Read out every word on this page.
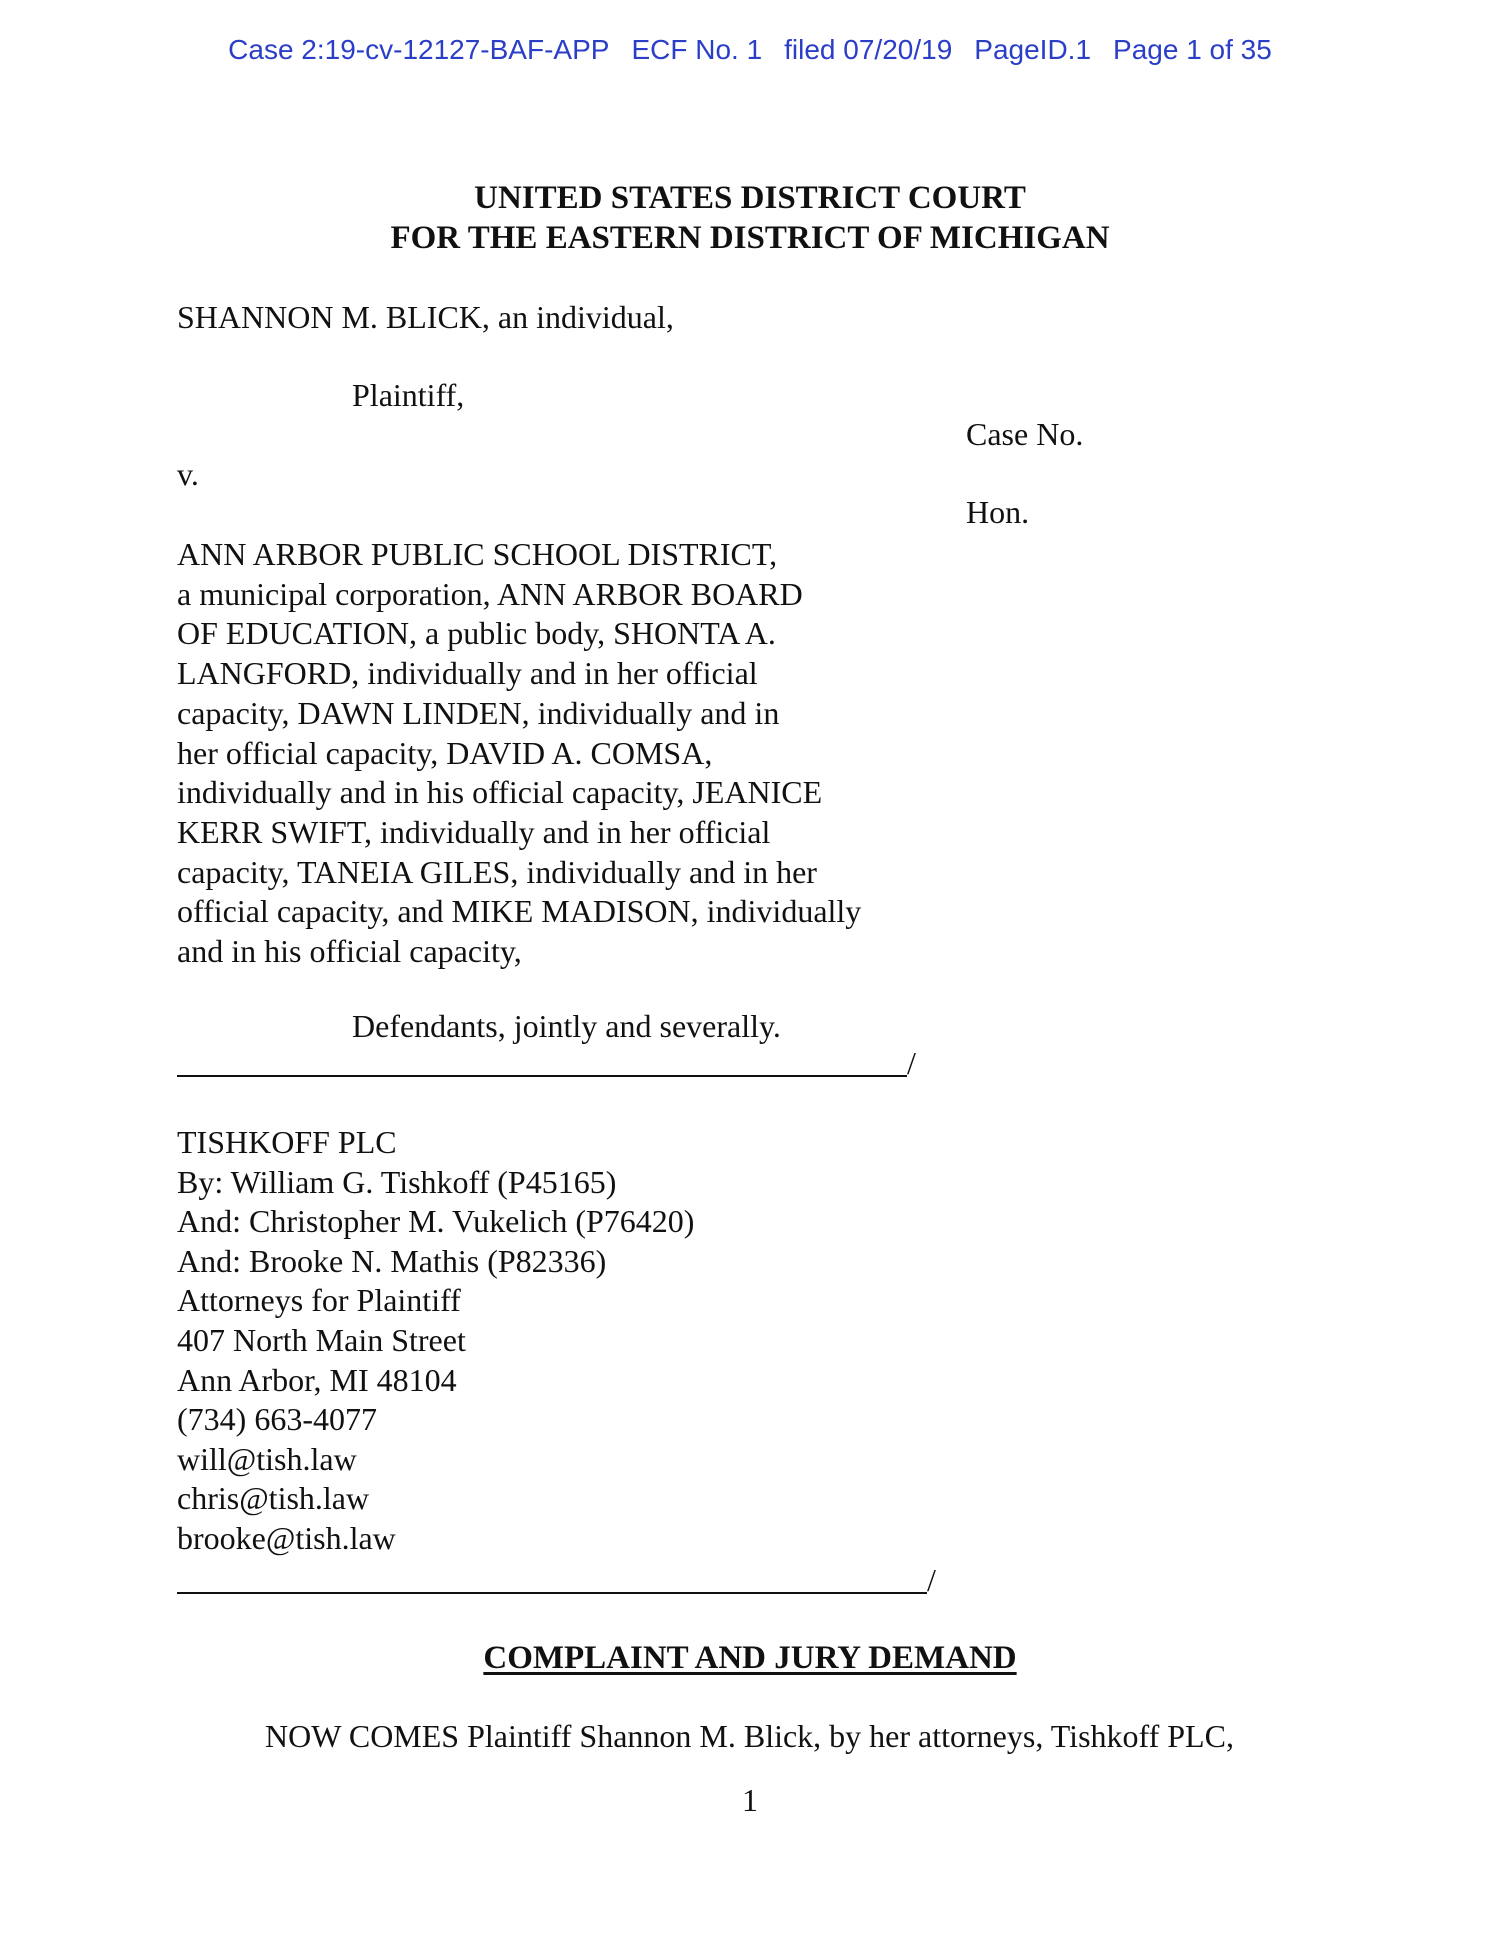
Case 2:19-cv-12127-BAF-APP ECF No. 1 filed 07/20/19 PageID.1 Page 1 of 35
UNITED STATES DISTRICT COURT
FOR THE EASTERN DISTRICT OF MICHIGAN
SHANNON M. BLICK, an individual,
Plaintiff,
Case No.
Hon.
v.
ANN ARBOR PUBLIC SCHOOL DISTRICT,
a municipal corporation, ANN ARBOR BOARD
OF EDUCATION, a public body, SHONTA A.
LANGFORD, individually and in her official
capacity, DAWN LINDEN, individually and in
her official capacity, DAVID A. COMSA,
individually and in his official capacity, JEANICE
KERR SWIFT, individually and in her official
capacity, TANEIA GILES, individually and in her
official capacity, and MIKE MADISON, individually
and in his official capacity,
Defendants, jointly and severally.
/
TISHKOFF PLC
By: William G. Tishkoff (P45165)
And: Christopher M. Vukelich (P76420)
And: Brooke N. Mathis (P82336)
Attorneys for Plaintiff
407 North Main Street
Ann Arbor, MI 48104
(734) 663-4077
will@tish.law
chris@tish.law
brooke@tish.law
/
COMPLAINT AND JURY DEMAND
NOW COMES Plaintiff Shannon M. Blick, by her attorneys, Tishkoff PLC,
1
